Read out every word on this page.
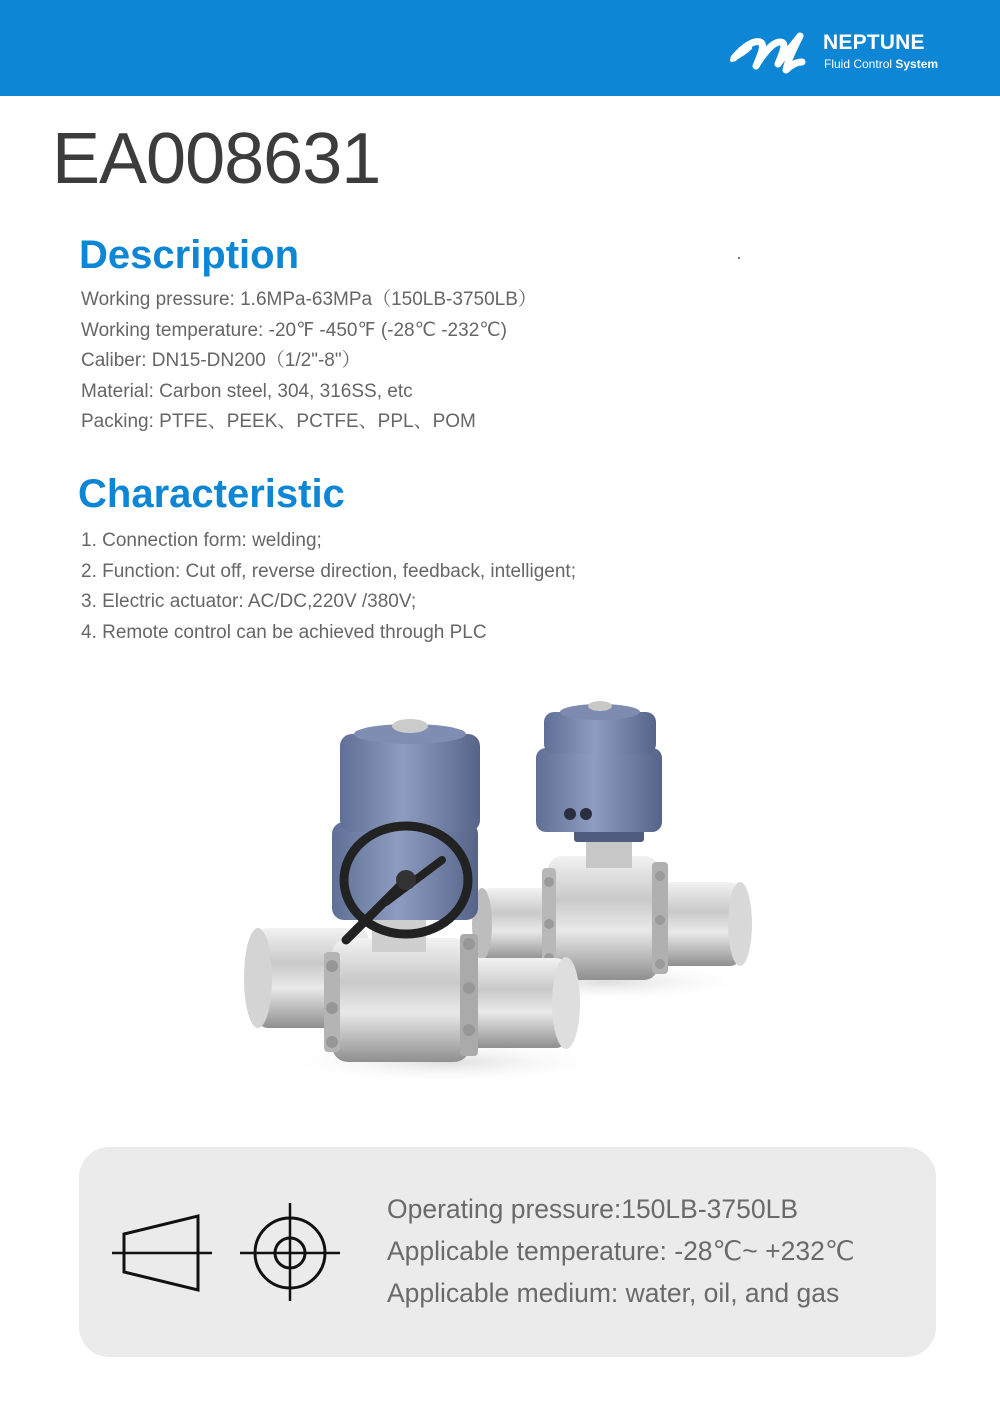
NEPTUNE
Fluid Control System
EA008631
Description
Working pressure: 1.6MPa-63MPa（150LB-3750LB）
Working temperature: -20℉ -450℉ (-28℃ -232℃)
Caliber: DN15-DN200（1/2"-8"）
Material: Carbon steel, 304, 316SS, etc
Packing: PTFE、PEEK、PCTFE、PPL、POM
Characteristic
1. Connection form: welding;
2. Function: Cut off, reverse direction, feedback, intelligent;
3. Electric actuator: AC/DC,220V /380V;
4. Remote control can be achieved through PLC
Operating pressure:150LB-3750LB
Applicable temperature: -28℃~ +232℃
Applicable medium: water, oil, and gas
